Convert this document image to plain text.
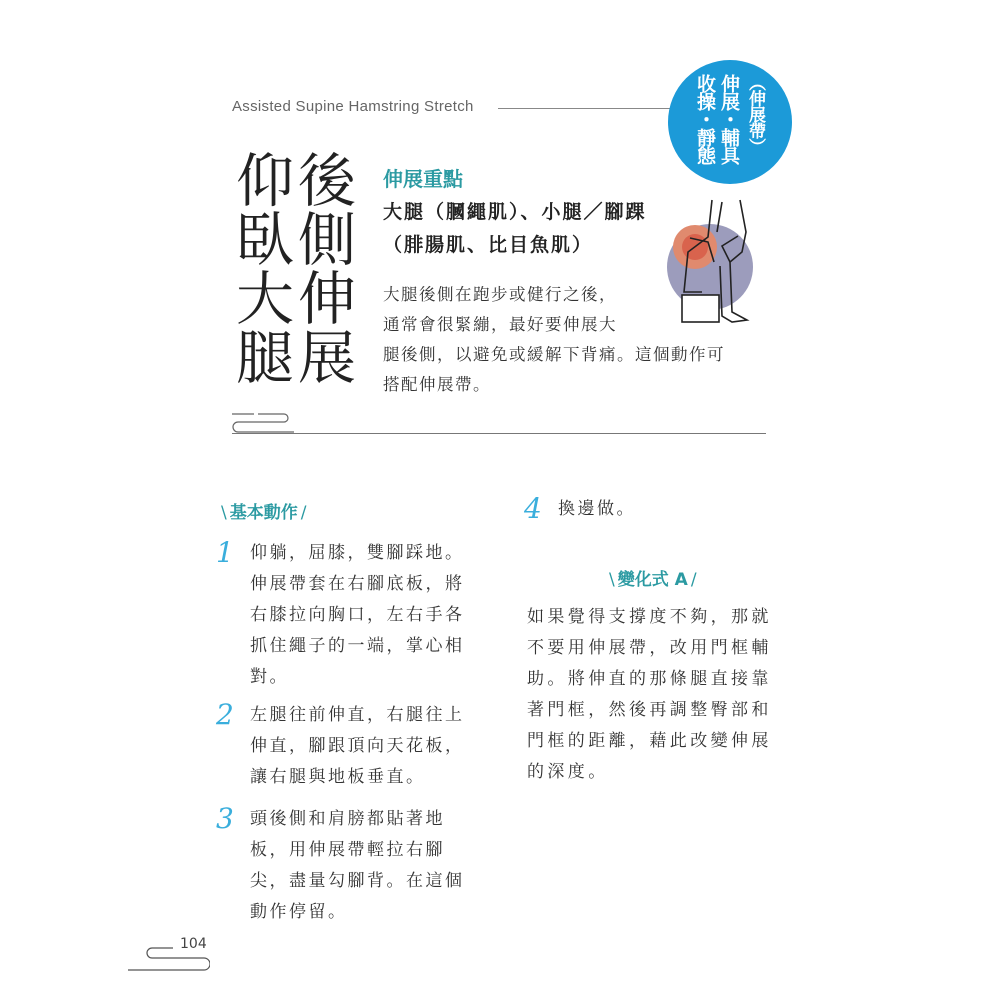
Assisted Supine Hamstring Stretch	（伸展帶）
伸展・輔具
收操・靜態
仰臥大腿
後側伸展 伸展重點
大腿（膕繩肌）、小腿／腳踝（腓腸肌、比目魚肌）
大腿後側在跑步或健行之後，
通常會很緊繃，最好要伸展大
腿後側，以避免或緩解下背痛。這個動作可
搭配伸展帶。
\ 基本動作 /
1 仰躺，屈膝，雙腳踩地。
伸展帶套在右腳底板，將
右膝拉向胸口，左右手各
抓住繩子的一端，掌心相
對。
2 左腿往前伸直，右腿往上
伸直，腳跟頂向天花板，
讓右腿與地板垂直。
3 頭後側和肩膀都貼著地
板，用伸展帶輕拉右腳
尖，盡量勾腳背。在這個
動作停留。
4 換邊做。
\ 變化式 A /
如果覺得支撐度不夠，那就
不要用伸展帶，改用門框輔
助。將伸直的那條腿直接靠
著門框，然後再調整臀部和
門框的距離，藉此改變伸展
的深度。
104
